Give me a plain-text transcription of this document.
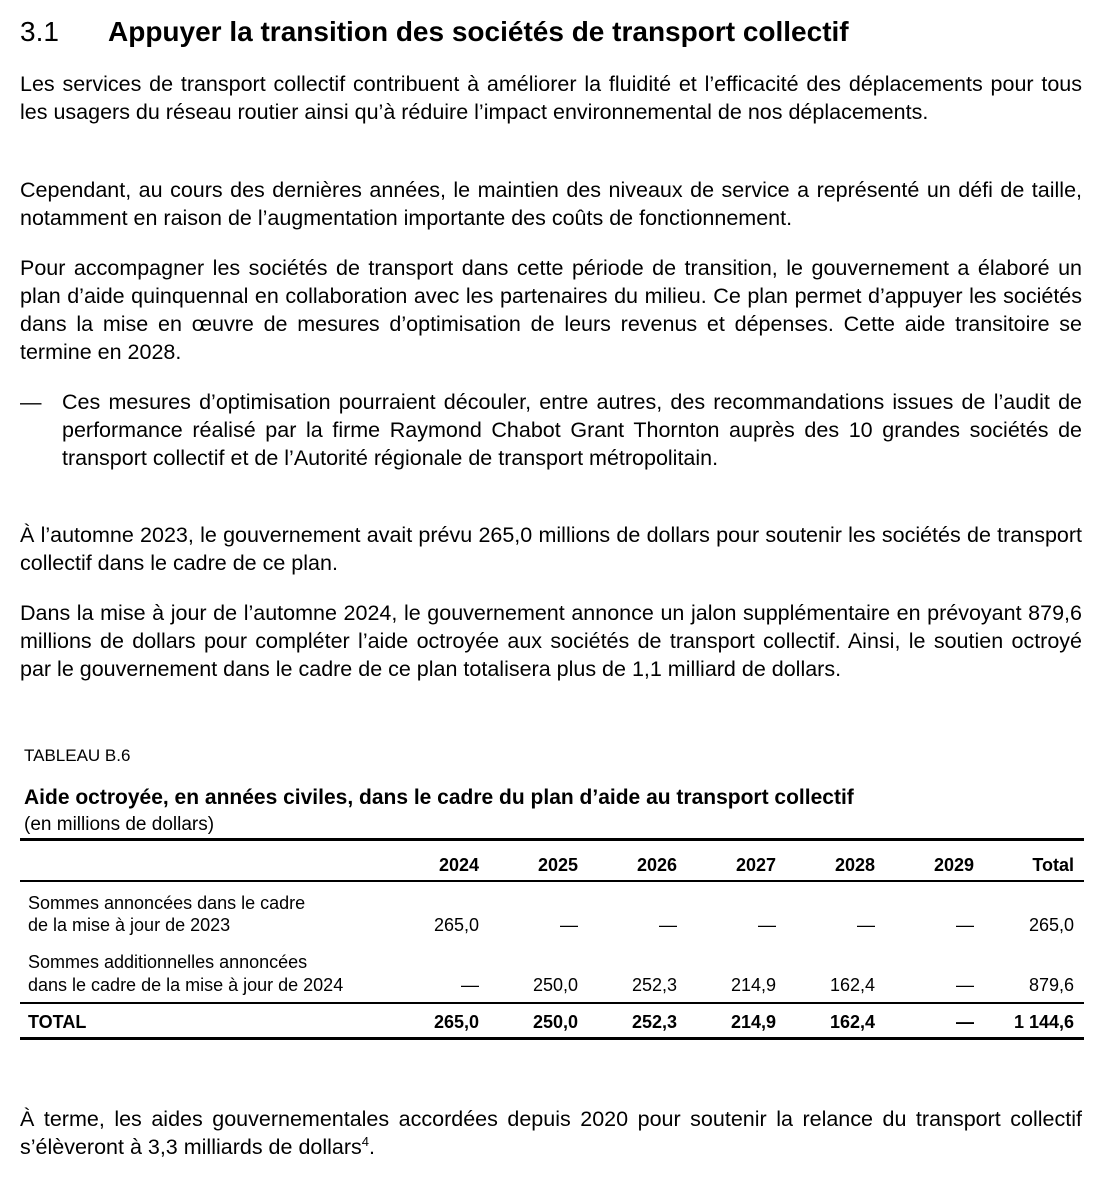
3.1 Appuyer la transition des sociétés de transport collectif

Les services de transport collectif contribuent à améliorer la fluidité et l’efficacité des déplacements pour tous les usagers du réseau routier ainsi qu’à réduire l’impact environnemental de nos déplacements.

Cependant, au cours des dernières années, le maintien des niveaux de service a représenté un défi de taille, notamment en raison de l’augmentation importante des coûts de fonctionnement.

Pour accompagner les sociétés de transport dans cette période de transition, le gouvernement a élaboré un plan d’aide quinquennal en collaboration avec les partenaires du milieu. Ce plan permet d’appuyer les sociétés dans la mise en œuvre de mesures d’optimisation de leurs revenus et dépenses. Cette aide transitoire se termine en 2028.

— Ces mesures d’optimisation pourraient découler, entre autres, des recommandations issues de l’audit de performance réalisé par la firme Raymond Chabot Grant Thornton auprès des 10 grandes sociétés de transport collectif et de l’Autorité régionale de transport métropolitain.

À l’automne 2023, le gouvernement avait prévu 265,0 millions de dollars pour soutenir les sociétés de transport collectif dans le cadre de ce plan.

Dans la mise à jour de l’automne 2024, le gouvernement annonce un jalon supplémentaire en prévoyant 879,6 millions de dollars pour compléter l’aide octroyée aux sociétés de transport collectif. Ainsi, le soutien octroyé par le gouvernement dans le cadre de ce plan totalisera plus de 1,1 milliard de dollars.

TABLEAU B.6
Aide octroyée, en années civiles, dans le cadre du plan d’aide au transport collectif
(en millions de dollars)
2024	2025	2026	2027	2028	2029	Total
Sommes annoncées dans le cadre
de la mise à jour de 2023	265,0	—	—	—	—	—	265,0
Sommes additionnelles annoncées
dans le cadre de la mise à jour de 2024	—	250,0	252,3	214,9	162,4	—	879,6
TOTAL	265,0	250,0	252,3	214,9	162,4	—	1 144,6

À terme, les aides gouvernementales accordées depuis 2020 pour soutenir la relance du transport collectif s’élèveront à 3,3 milliards de dollars$^4$.
